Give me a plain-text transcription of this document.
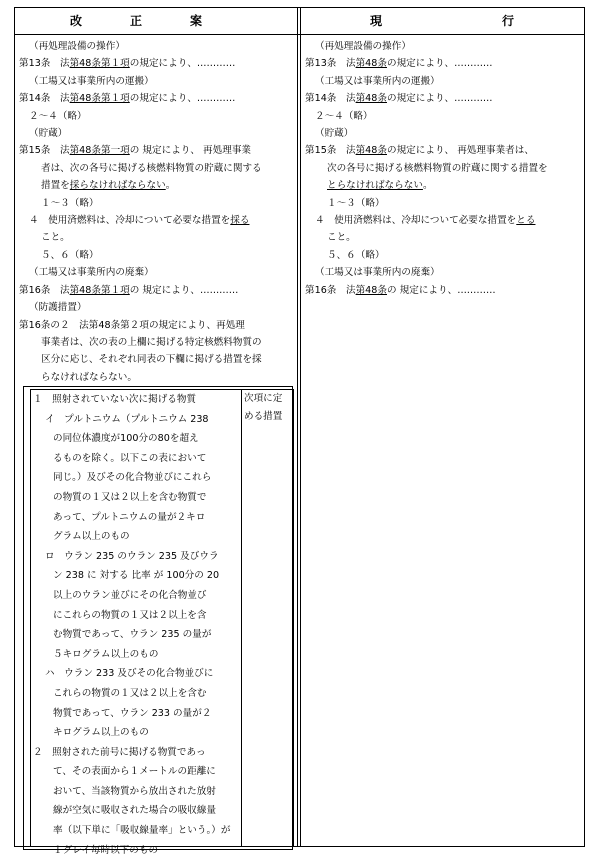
改　　　　正　　　　案	現　　　　　　　　　　行
（再処理設備の操作）
第13条　法第48条第１項の規定により、…………
（工場又は事業所内の運搬）
第14条　法第48条第１項の規定により、…………
２～４（略）
（貯蔵）
第15条　法第48条第一項の 規定により、 再処理事業
者は、次の各号に掲げる核燃料物質の貯蔵に関する
措置を採らなければならない。
１～３（略）
４　使用済燃料は、冷却について必要な措置を採る
こと。
５、６（略）
（工場又は事業所内の廃棄）
第16条　法第48条第１項の 規定により、…………
（防護措置）
第16条の２　法第48条第２項の規定により、再処理
事業者は、次の表の上欄に掲げる特定核燃料物質の
区分に応じ、それぞれ同表の下欄に掲げる措置を採
らなければならない。
１　照射されていない次に掲げる物質
イ　プルトニウム（プルトニウム 238
の同位体濃度が100分の80を超え
るものを除く。以下この表において
同じ。）及びその化合物並びにこれら
の物質の１又は２以上を含む物質で
あって、プルトニウムの量が２キロ
グラム以上のもの
ロ　ウラン 235 のウラン 235 及びウラ
ン 238 に 対する 比率 が 100分の 20
以上のウラン並びにその化合物並び
にこれらの物質の１又は２以上を含
む物質であって、ウラン 235 の量が
５キログラム以上のもの
ハ　ウラン 233 及びその化合物並びに
これらの物質の１又は２以上を含む
物質であって、ウラン 233 の量が２
キログラム以上のもの
２　照射された前号に掲げる物質であっ
て、その表面から１メートルの距離に
おいて、当該物質から放出された放射
線が空気に吸収された場合の吸収線量
率（以下単に「吸収線量率」という。）が
１グレイ毎時以下のもの
次項に定
める措置
（再処理設備の操作）
第13条　法第48条の規定により、…………
（工場又は事業所内の運搬）
第14条　法第48条の規定により、…………
２～４（略）
（貯蔵）
第15条　法第48条の規定により、 再処理事業者は、
次の各号に掲げる核燃料物質の貯蔵に関する措置を
とらなければならない。
１～３（略）
４　使用済燃料は、冷却について必要な措置をとる
こと。
５、６（略）
（工場又は事業所内の廃棄）
第16条　法第48条の 規定により、…………
